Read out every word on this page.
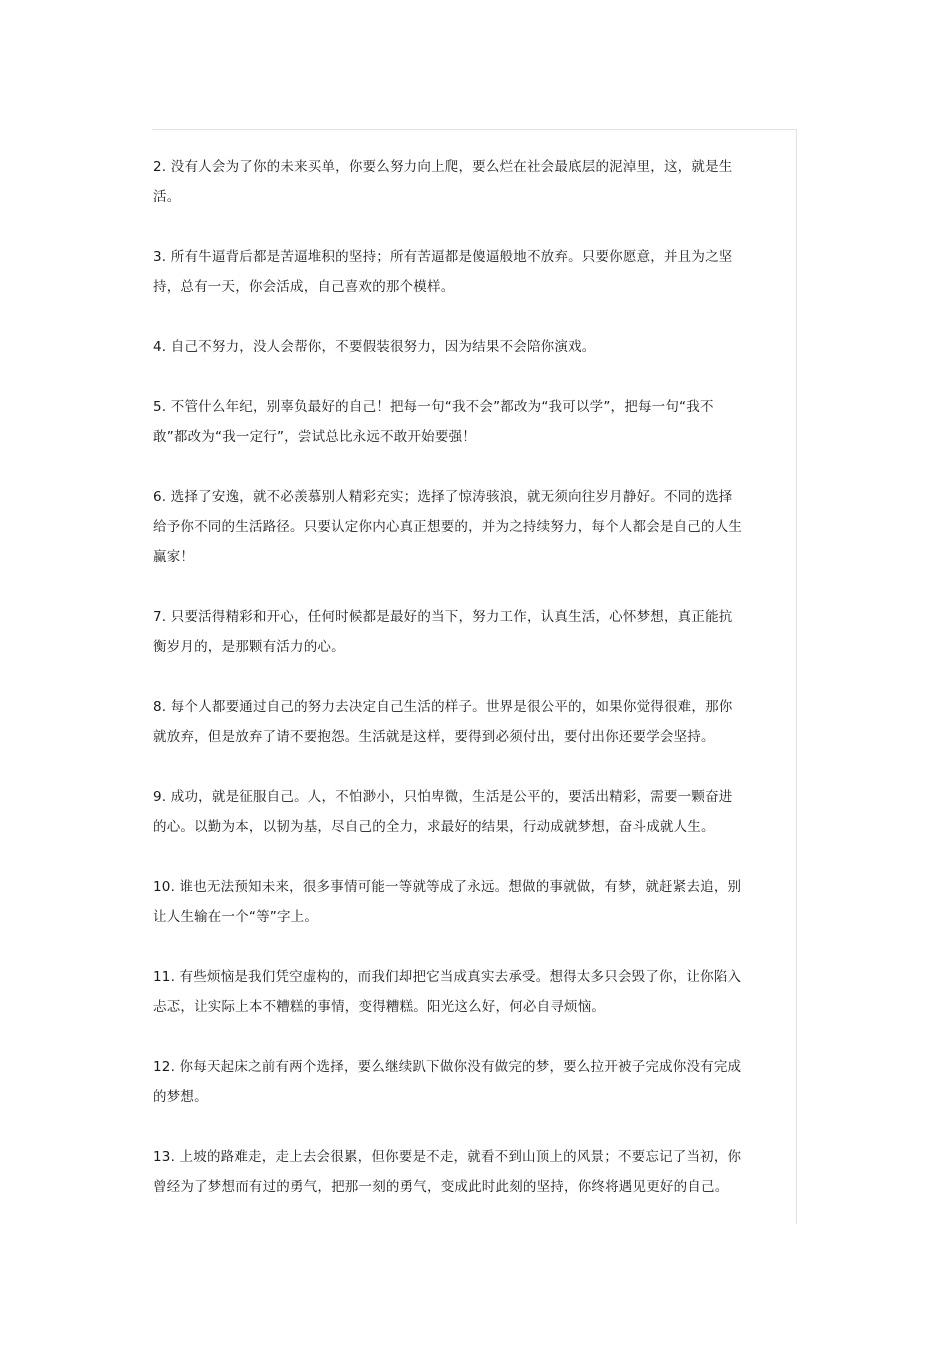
2. 没有人会为了你的未来买单，你要么努力向上爬，要么烂在社会最底层的泥淖里，这，就是生活。

3. 所有牛逼背后都是苦逼堆积的坚持；所有苦逼都是傻逼般地不放弃。只要你愿意，并且为之坚持，总有一天，你会活成，自己喜欢的那个模样。

4. 自己不努力，没人会帮你，不要假装很努力，因为结果不会陪你演戏。

5. 不管什么年纪，别辜负最好的自己！把每一句“我不会”都改为“我可以学”，把每一句“我不敢”都改为“我一定行”，尝试总比永远不敢开始要强！

6. 选择了安逸，就不必羡慕别人精彩充实；选择了惊涛骇浪，就无须向往岁月静好。不同的选择给予你不同的生活路径。只要认定你内心真正想要的，并为之持续努力，每个人都会是自己的人生赢家！

7. 只要活得精彩和开心，任何时候都是最好的当下，努力工作，认真生活，心怀梦想，真正能抗衡岁月的，是那颗有活力的心。

8. 每个人都要通过自己的努力去决定自己生活的样子。世界是很公平的，如果你觉得很难，那你就放弃，但是放弃了请不要抱怨。生活就是这样，要得到必须付出，要付出你还要学会坚持。

9. 成功，就是征服自己。人，不怕渺小，只怕卑微，生活是公平的，要活出精彩，需要一颗奋进的心。以勤为本，以韧为基，尽自己的全力，求最好的结果，行动成就梦想，奋斗成就人生。

10. 谁也无法预知未来，很多事情可能一等就等成了永远。想做的事就做，有梦，就赶紧去追，别让人生输在一个“等”字上。

11. 有些烦恼是我们凭空虚构的，而我们却把它当成真实去承受。想得太多只会毁了你，让你陷入忐忑，让实际上本不糟糕的事情，变得糟糕。阳光这么好，何必自寻烦恼。

12. 你每天起床之前有两个选择，要么继续趴下做你没有做完的梦，要么拉开被子完成你没有完成的梦想。

13. 上坡的路难走，走上去会很累，但你要是不走，就看不到山顶上的风景；不要忘记了当初，你曾经为了梦想而有过的勇气，把那一刻的勇气，变成此时此刻的坚持，你终将遇见更好的自己。
